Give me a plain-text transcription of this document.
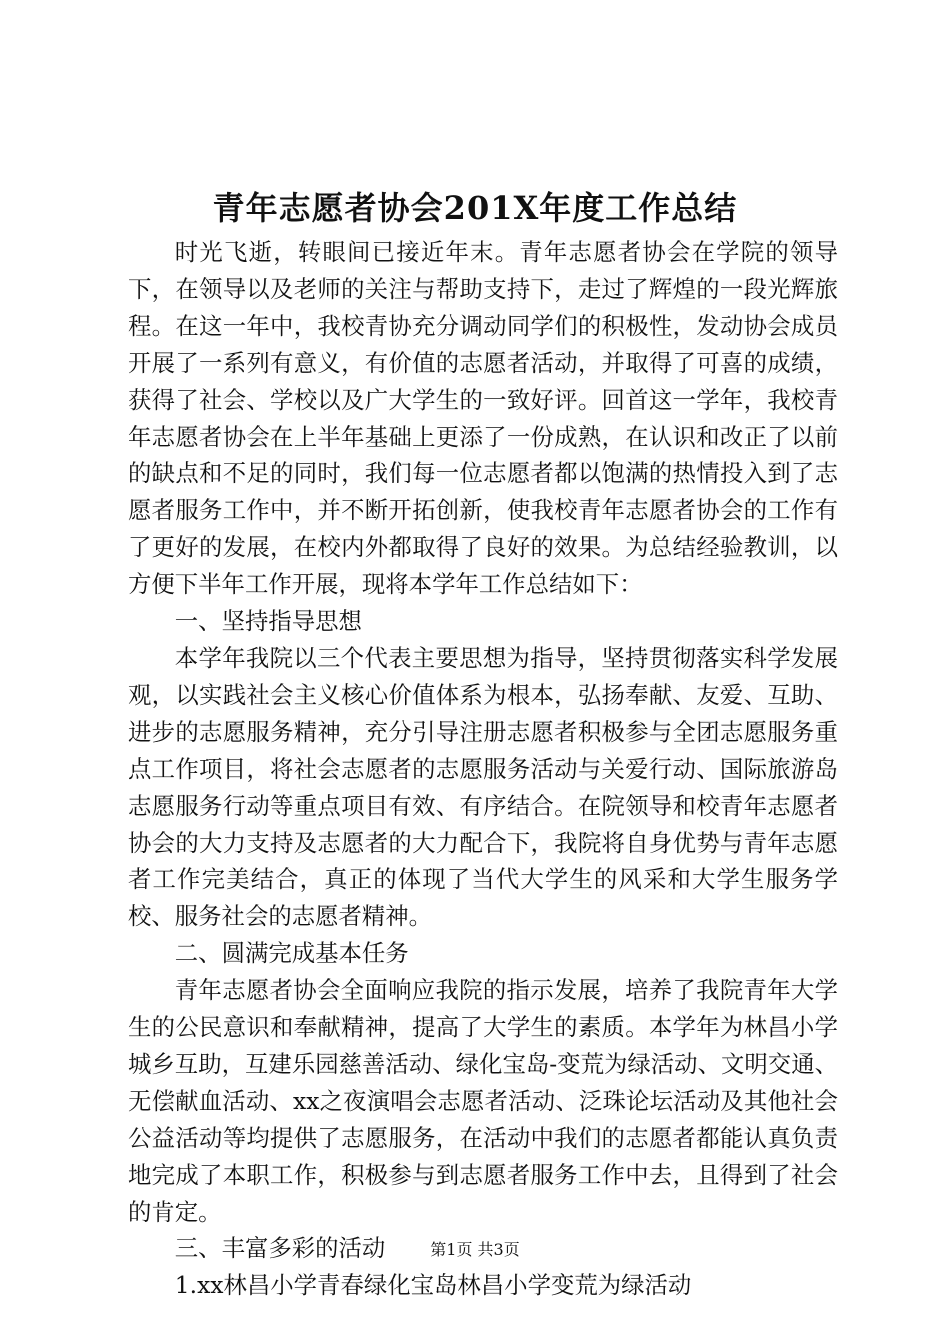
青年志愿者协会201X年度工作总结

时光飞逝，转眼间已接近年末。青年志愿者协会在学院的领导下，在领导以及老师的关注与帮助支持下，走过了辉煌的一段光辉旅程。在这一年中，我校青协充分调动同学们的积极性，发动协会成员开展了一系列有意义，有价值的志愿者活动，并取得了可喜的成绩，获得了社会、学校以及广大学生的一致好评。回首这一学年，我校青年志愿者协会在上半年基础上更添了一份成熟，在认识和改正了以前的缺点和不足的同时，我们每一位志愿者都以饱满的热情投入到了志愿者服务工作中，并不断开拓创新，使我校青年志愿者协会的工作有了更好的发展，在校内外都取得了良好的效果。为总结经验教训，以方便下半年工作开展，现将本学年工作总结如下：

一、坚持指导思想

本学年我院以三个代表主要思想为指导，坚持贯彻落实科学发展观，以实践社会主义核心价值体系为根本，弘扬奉献、友爱、互助、进步的志愿服务精神，充分引导注册志愿者积极参与全团志愿服务重点工作项目，将社会志愿者的志愿服务活动与关爱行动、国际旅游岛志愿服务行动等重点项目有效、有序结合。在院领导和校青年志愿者协会的大力支持及志愿者的大力配合下，我院将自身优势与青年志愿者工作完美结合，真正的体现了当代大学生的风采和大学生服务学校、服务社会的志愿者精神。

二、圆满完成基本任务

青年志愿者协会全面响应我院的指示发展，培养了我院青年大学生的公民意识和奉献精神，提高了大学生的素质。本学年为林昌小学城乡互助，互建乐园慈善活动、绿化宝岛-变荒为绿活动、文明交通、无偿献血活动、xx之夜演唱会志愿者活动、泛珠论坛活动及其他社会公益活动等均提供了志愿服务，在活动中我们的志愿者都能认真负责地完成了本职工作，积极参与到志愿者服务工作中去，且得到了社会的肯定。

三、丰富多彩的活动

1.xx林昌小学青春绿化宝岛林昌小学变荒为绿活动

第1页 共3页
